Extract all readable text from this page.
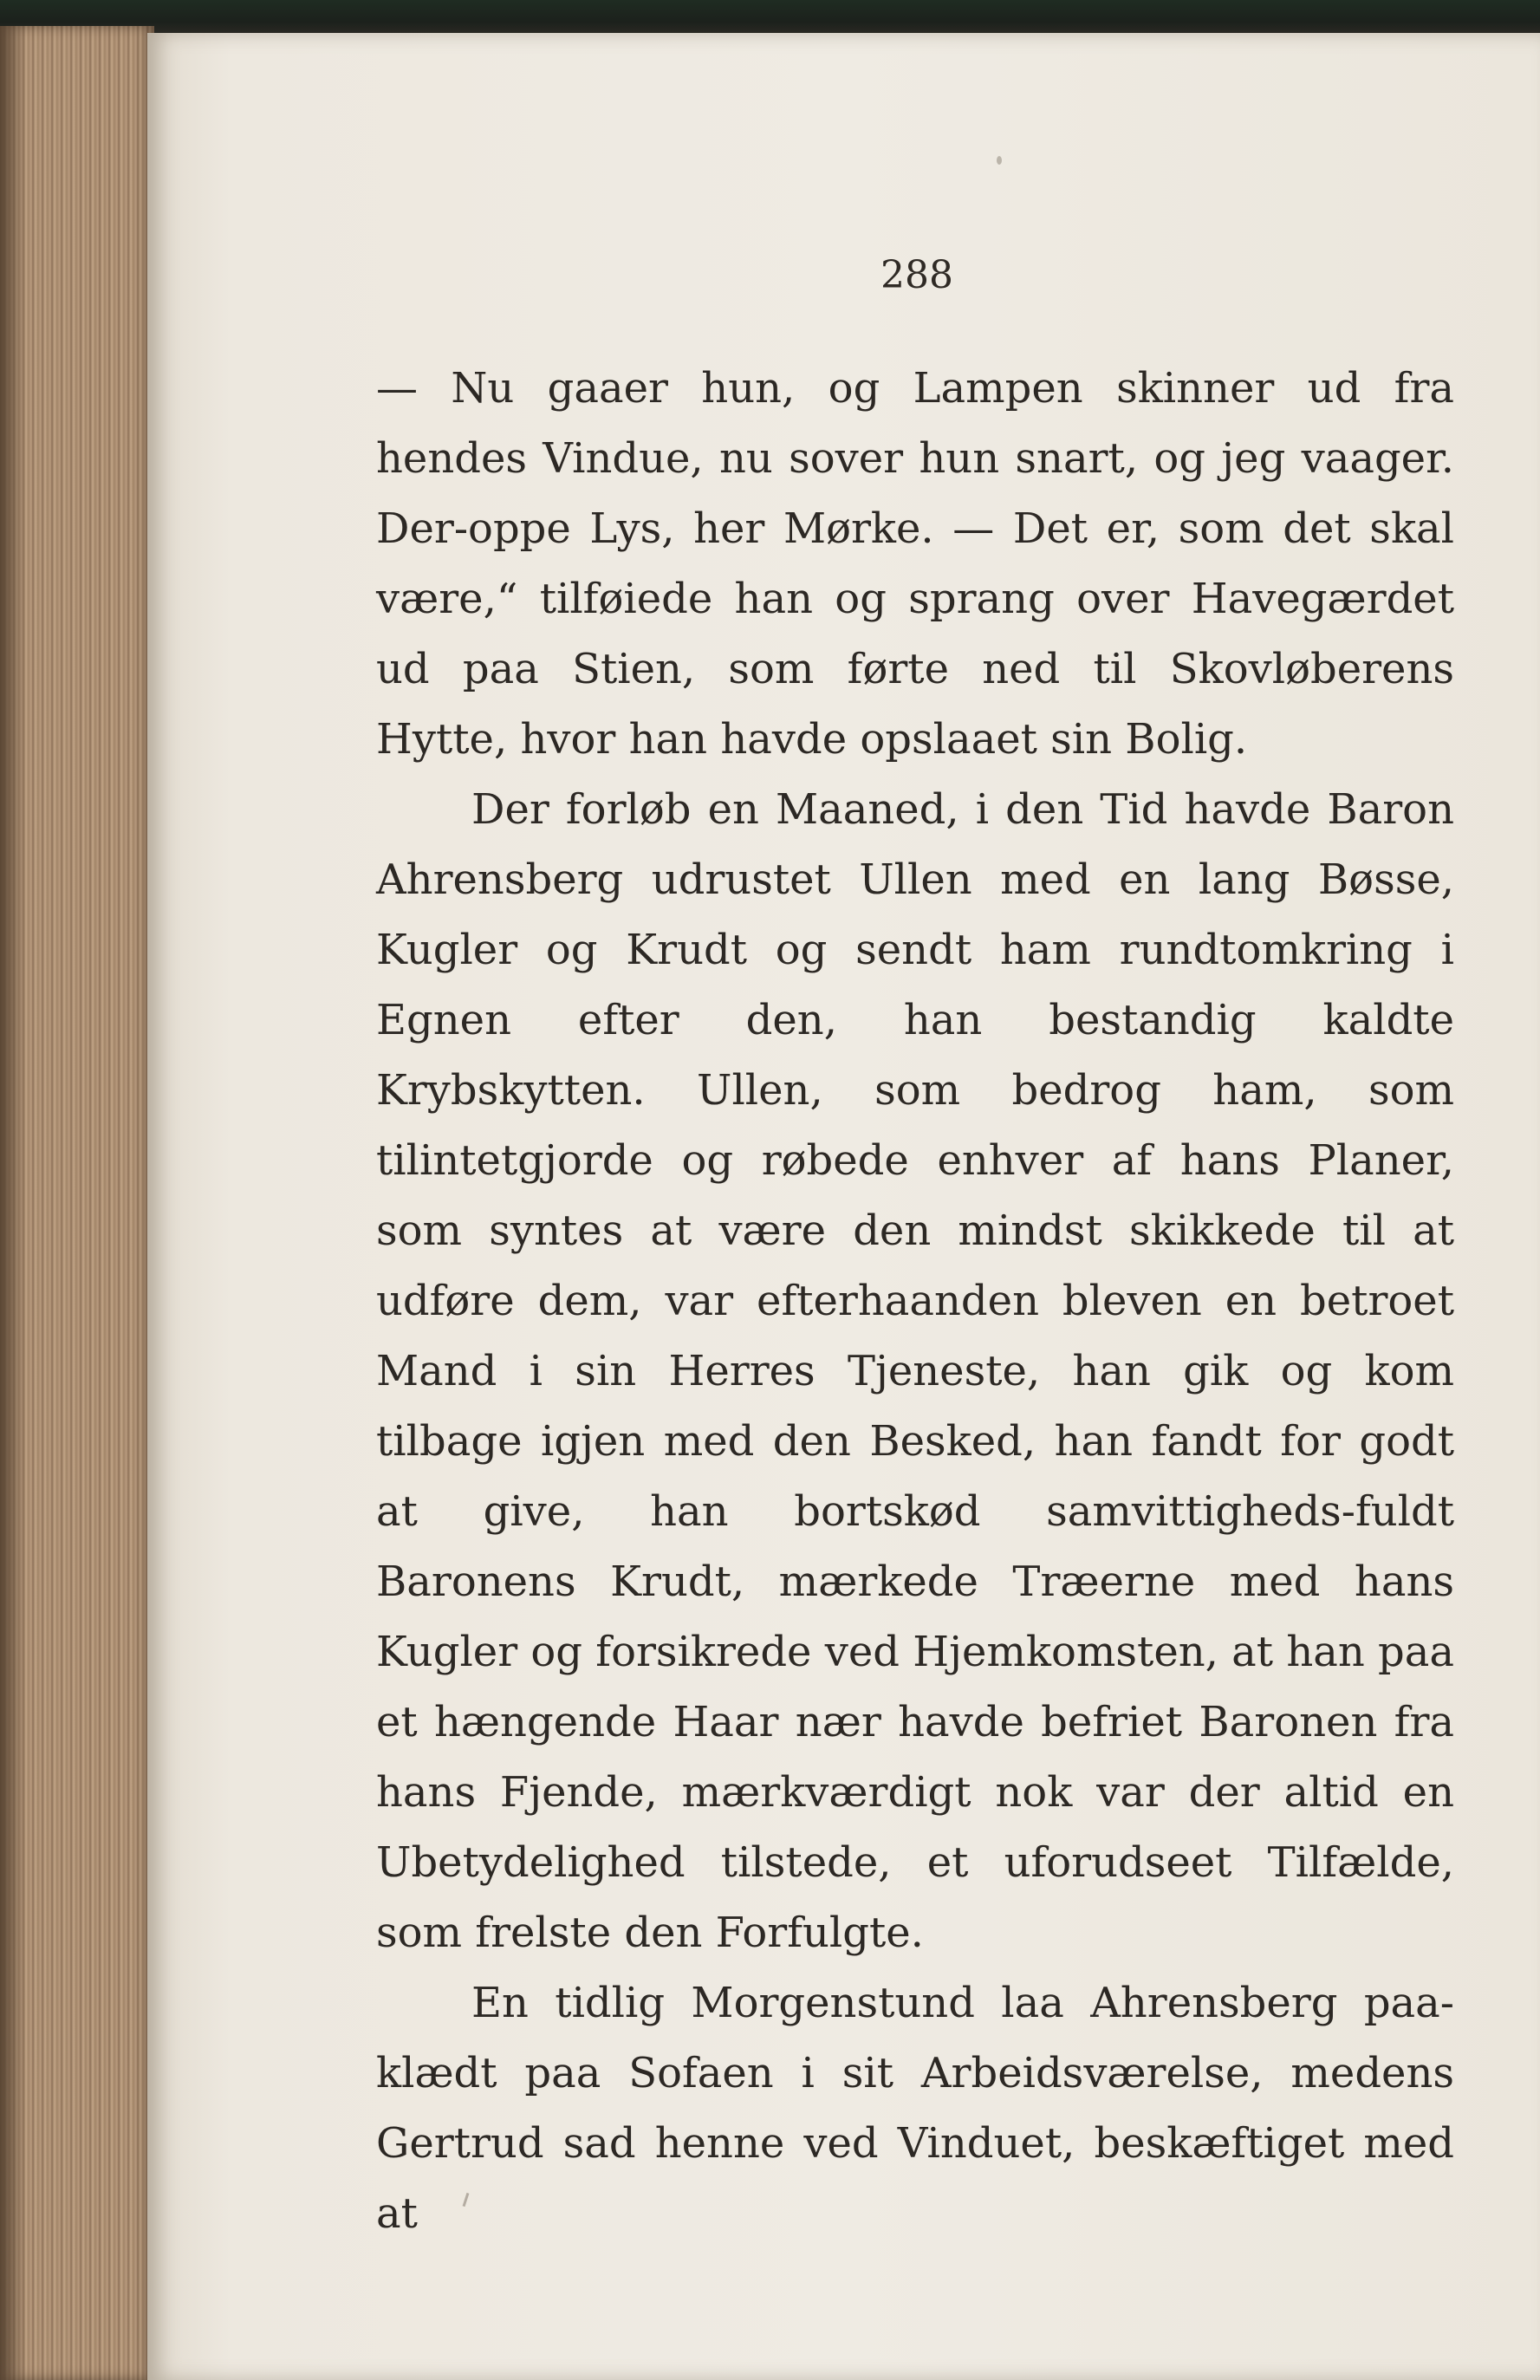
288

— Nu gaaer hun, og Lampen skinner ud fra hendes Vindue, nu sover hun snart, og jeg vaager. Der-oppe Lys, her Mørke. — Det er, som det skal være,“ tilføiede han og sprang over Havegærdet ud paa Stien, som førte ned til Skovløberens Hytte, hvor han havde opslaaet sin Bolig.

Der forløb en Maaned, i den Tid havde Baron Ahrensberg udrustet Ullen med en lang Bøsse, Kugler og Krudt og sendt ham rundtomkring i Egnen efter den, han bestandig kaldte Krybskytten. Ullen, som bedrog ham, som tilintetgjorde og røbede enhver af hans Planer, som syntes at være den mindst skikkede til at udføre dem, var efterhaanden bleven en betroet Mand i sin Herres Tjeneste, han gik og kom tilbage igjen med den Besked, han fandt for godt at give, han bortskød samvittigheds-fuldt Baronens Krudt, mærkede Træerne med hans Kugler og forsikrede ved Hjemkomsten, at han paa et hængende Haar nær havde befriet Baronen fra hans Fjende, mærkværdigt nok var der altid en Ubetydelighed tilstede, et uforudseet Tilfælde, som frelste den Forfulgte.

En tidlig Morgenstund laa Ahrensberg paa-klædt paa Sofaen i sit Arbeidsværelse, medens Gertrud sad henne ved Vinduet, beskæftiget med at
